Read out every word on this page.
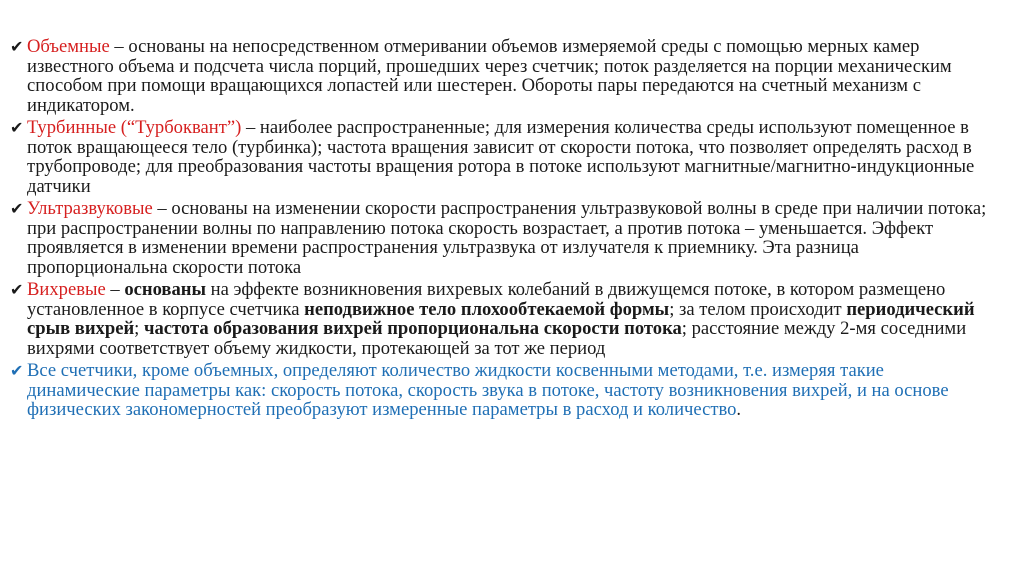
✔ Объемные – основаны на непосредственном отмеривании объемов измеряемой среды с помощью мерных камер известного объема и подсчета числа порций, прошедших через счетчик; поток разделяется на порции механическим способом при помощи вращающихся лопастей или шестерен. Обороты пары передаются на счетный механизм с индикатором.
✔ Турбинные (“Турбоквант”) – наиболее распространенные; для измерения количества среды используют помещенное в поток вращающееся тело (турбинка); частота вращения зависит от скорости потока, что позволяет определять расход в трубопроводе; для преобразования частоты вращения ротора в потоке используют магнитные/магнитно-индукционные датчики
✔ Ультразвуковые – основаны на изменении скорости распространения ультразвуковой волны в среде при наличии потока; при распространении волны по направлению потока скорость возрастает, а против потока – уменьшается. Эффект проявляется в изменении времени распространения ультразвука от излучателя к приемнику. Эта разница пропорциональна скорости потока
✔ Вихревые – основаны на эффекте возникновения вихревых колебаний в движущемся потоке, в котором размещено установленное в корпусе счетчика неподвижное тело плохообтекаемой формы; за телом происходит периодический срыв вихрей; частота образования вихрей пропорциональна скорости потока; расстояние между 2-мя соседними вихрями соответствует объему жидкости, протекающей за тот же период
✔ Все счетчики, кроме объемных, определяют количество жидкости косвенными методами, т.е. измеряя такие динамические параметры как: скорость потока, скорость звука в потоке, частоту возникновения вихрей, и на основе физических закономерностей преобразуют измеренные параметры в расход и количество.
